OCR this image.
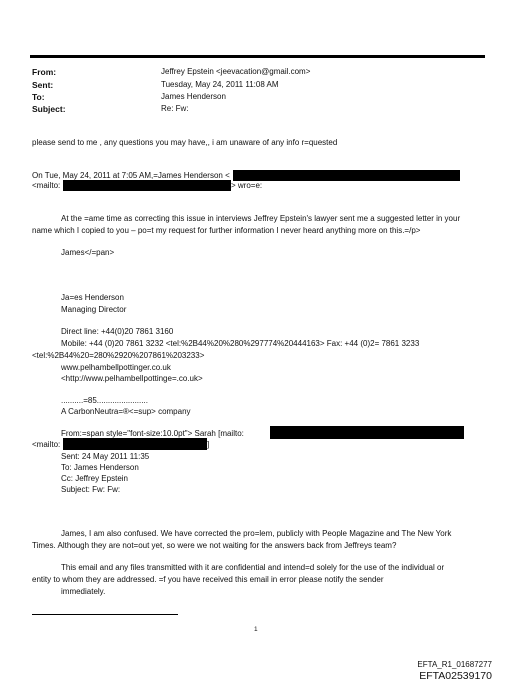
From:	Jeffrey Epstein <jeevacation@gmail.com>
Sent:	Tuesday, May 24, 2011 11:08 AM
To:	James Henderson
Subject:	Re: Fw:
please send to me , any questions you may have,, i am unaware of any info r=quested
On Tue, May 24, 2011 at 7:05 AM,=James Henderson <
<mailto:	> wro=e:
At the =ame time as correcting this issue in interviews Jeffrey Epstein's lawyer sent me a suggested letter in your
name which I copied to you – po=t my request for further information I never heard anything more on this.=/p>
James</=pan>
Ja=es Henderson
Managing Director
Direct line: +44(0)20 7861 3160
Mobile: +44 (0)20 7861 3232 <tel:%2B44%20%280%297774%20444163> Fax: +44 (0)2= 7861 3233
<tel:%2B44%20=280%2920%207861%203233>
www.pelhambellpottinger.co.uk
<http://www.pelhambellpottinge=.co.uk>
..........=85.......................
A CarbonNeutra=®<=sup> company
From:=span style="font-size:10.0pt"> Sarah [mailto:
<mailto:	]
Sent: 24 May 2011 11:35
To: James Henderson
Cc: Jeffrey Epstein
Subject: Fw: Fw:
James, I am also confused. We have corrected the pro=lem, publicly with People Magazine and The New York
Times. Although they are not=out yet, so were we not waiting for the answers back from Jeffreys team?
This email and any files transmitted with it are confidential and intend=d solely for the use of the individual or
entity to whom they are addressed. =f you have received this email in error please notify the sender
immediately.
1
EFTA_R1_01687277
EFTA02539170
